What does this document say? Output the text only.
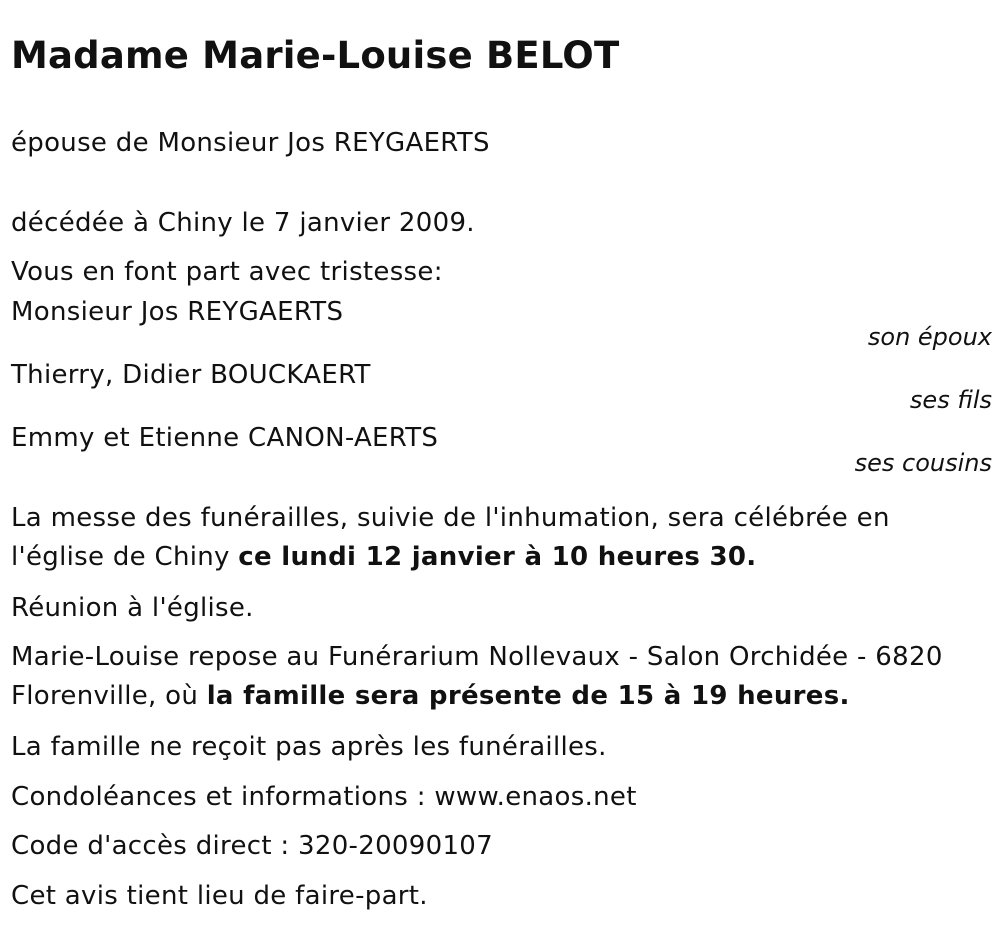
Madame Marie-Louise BELOT
épouse de Monsieur Jos REYGAERTS
décédée à Chiny le 7 janvier 2009.
Vous en font part avec tristesse:
Monsieur Jos REYGAERTS
son époux
Thierry, Didier BOUCKAERT
ses fils
Emmy et Etienne CANON-AERTS
ses cousins

La messe des funérailles, suivie de l'inhumation, sera célébrée en l'église de Chiny ce lundi 12 janvier à 10 heures 30.

Réunion à l'église.

Marie-Louise repose au Funérarium Nollevaux - Salon Orchidée - 6820 Florenville, où la famille sera présente de 15 à 19 heures.

La famille ne reçoit pas après les funérailles.
Condoléances et informations : www.enaos.net
Code d'accès direct : 320-20090107
Cet avis tient lieu de faire-part.
